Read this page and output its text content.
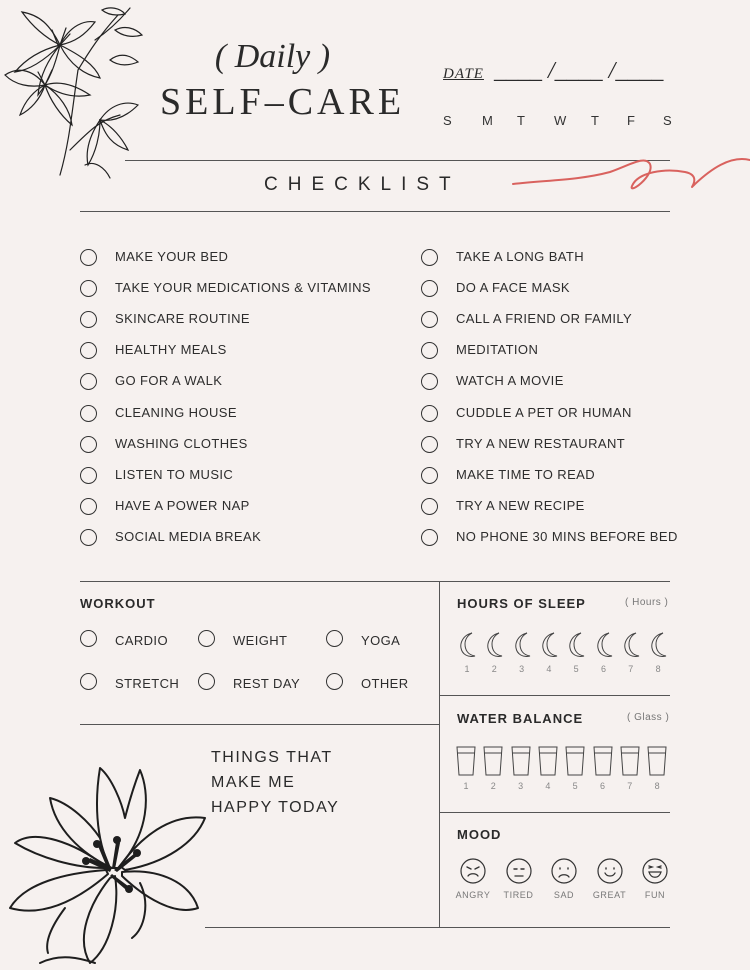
( Daily )
SELF–CARE
DATE ____ /____ /____
S M T W T F S
CHECKLIST
MAKE YOUR BED
TAKE YOUR MEDICATIONS & VITAMINS
SKINCARE ROUTINE
HEALTHY MEALS
GO FOR A WALK
CLEANING HOUSE
WASHING CLOTHES
LISTEN TO MUSIC
HAVE A POWER NAP
SOCIAL MEDIA BREAK
TAKE A LONG BATH
DO A FACE MASK
CALL A FRIEND OR FAMILY
MEDITATION
WATCH A MOVIE
CUDDLE A PET OR HUMAN
TRY A NEW RESTAURANT
MAKE TIME TO READ
TRY A NEW RECIPE
NO PHONE 30 MINS BEFORE BED
WORKOUT
CARDIO	WEIGHT	YOGA
STRETCH	REST DAY	OTHER
HOURS OF SLEEP	( Hours )
1	2	3	4	5	6	7	8
WATER BALANCE	( Glass )
1	2	3	4	5	6	7	8
MOOD
ANGRY	TIRED	SAD	GREAT	FUN
THINGS THAT
MAKE ME
HAPPY TODAY
